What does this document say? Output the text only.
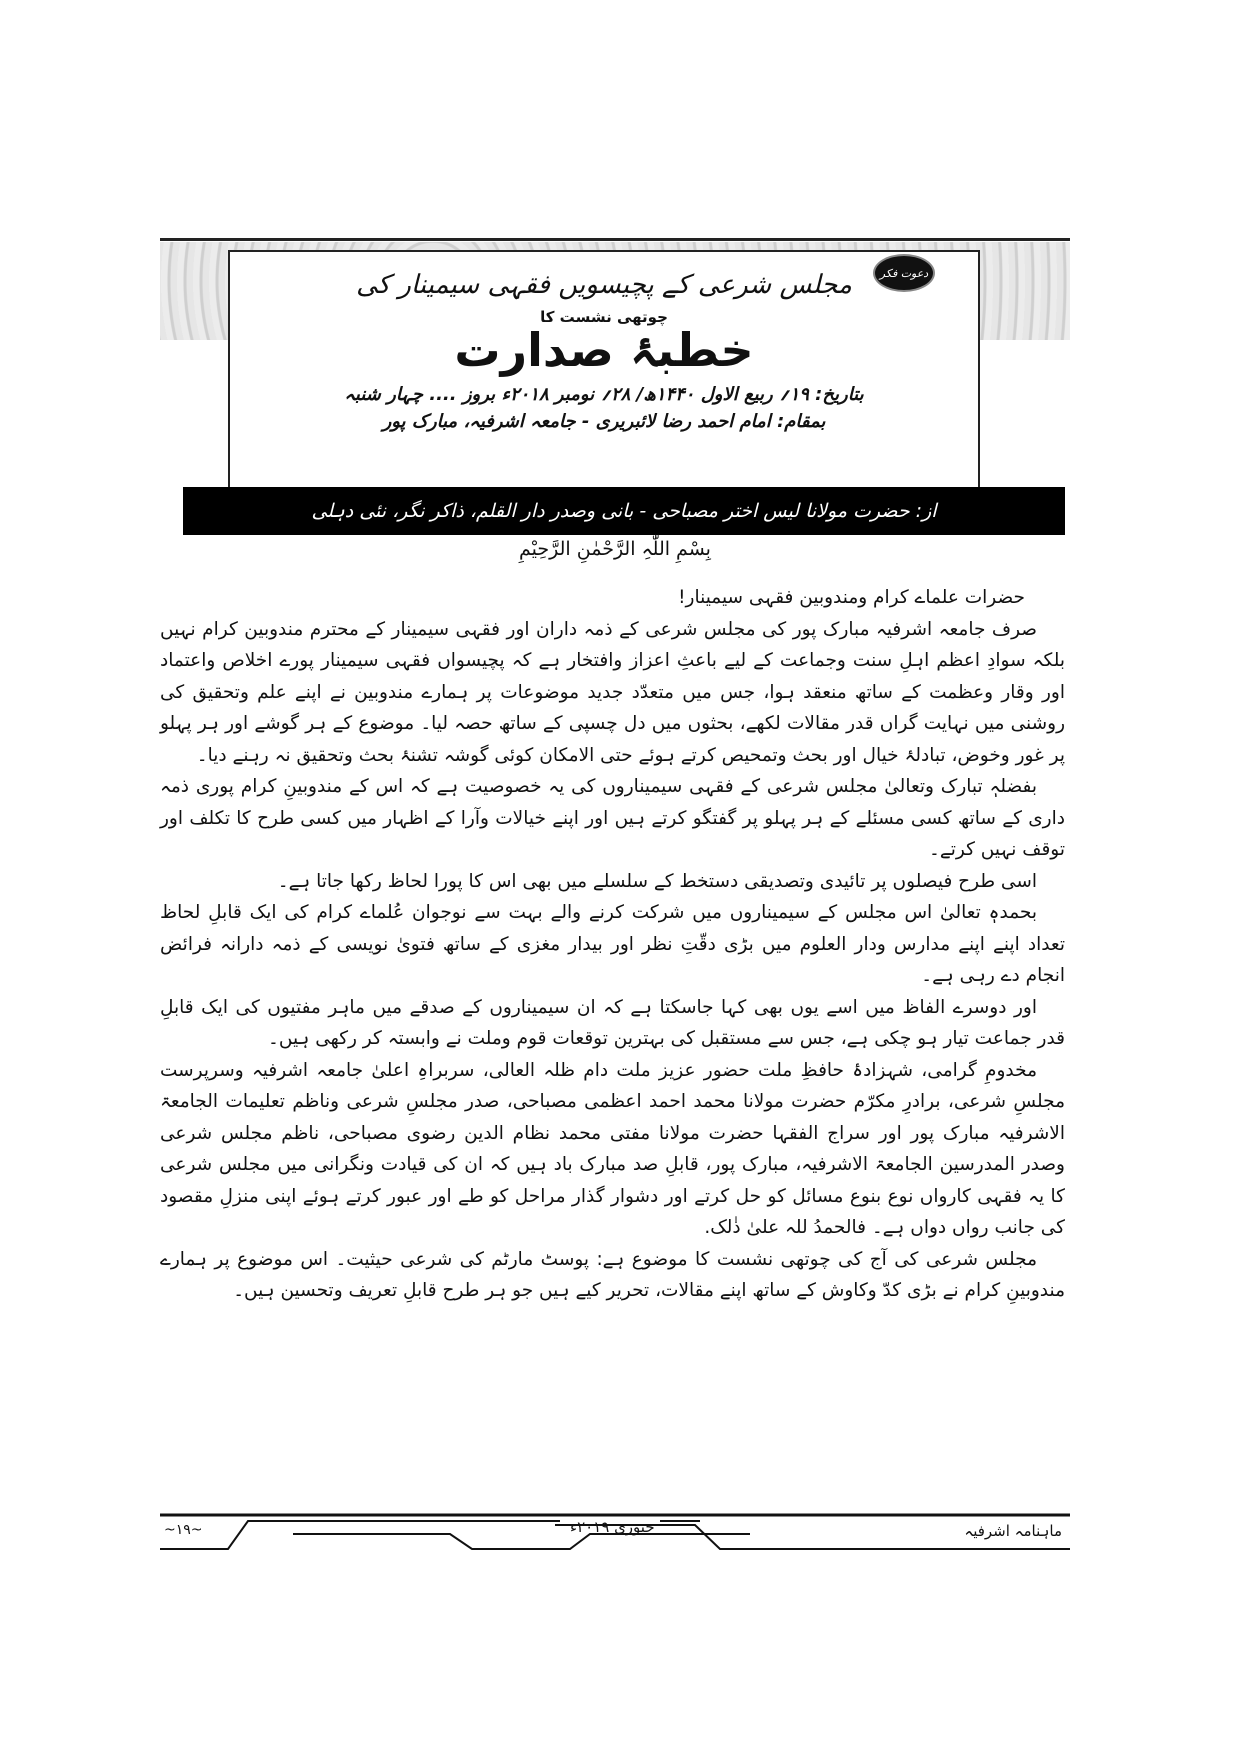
مجلس شرعی کے پچیسویں فقہی سیمینار کی
چوتھی نشست کا
خطبۂ صدارت
بتاریخ: ۱۹؍ ربیع الاول ۱۴۴۰ھ/ ۲۸؍ نومبر ۲۰۱۸ء بروز .... چہار شنبہ
بمقام: امام احمد رضا لائبریری - جامعہ اشرفیہ، مبارک پور
دعوت فکر
از: حضرت مولانا لیس اختر مصباحی - بانی وصدر دار القلم، ذاکر نگر، نئی دہلی
بِسْمِ اللّٰہِ الرَّحْمٰنِ الرَّحِیْمِ

حضرات علماے کرام ومندوبین فقہی سیمینار!

صرف جامعہ اشرفیہ مبارک پور کی مجلس شرعی کے ذمہ داران اور فقہی سیمینار کے محترم مندوبین کرام نہیں بلکہ سوادِ اعظم اہلِ سنت وجماعت کے لیے باعثِ اعزاز وافتخار ہے کہ پچیسواں فقہی سیمینار پورے اخلاص واعتماد اور وقار وعظمت کے ساتھ منعقد ہوا، جس میں متعدّد جدید موضوعات پر ہمارے مندوبین نے اپنے علم وتحقیق کی روشنی میں نہایت گراں قدر مقالات لکھے، بحثوں میں دل چسپی کے ساتھ حصہ لیا۔ موضوع کے ہر گوشے اور ہر پہلو پر غور وخوض، تبادلۂ خیال اور بحث وتمحیص کرتے ہوئے حتی الامکان کوئی گوشہ تشنۂ بحث وتحقیق نہ رہنے دیا۔

بفضلہٖ تبارک وتعالیٰ مجلس شرعی کے فقہی سیمیناروں کی یہ خصوصیت ہے کہ اس کے مندوبینِ کرام پوری ذمہ داری کے ساتھ کسی مسئلے کے ہر پہلو پر گفتگو کرتے ہیں اور اپنے خیالات وآرا کے اظہار میں کسی طرح کا تکلف اور توقف نہیں کرتے۔

اسی طرح فیصلوں پر تائیدی وتصدیقی دستخط کے سلسلے میں بھی اس کا پورا لحاظ رکھا جاتا ہے۔

بحمدہٖ تعالیٰ اس مجلس کے سیمیناروں میں شرکت کرنے والے بہت سے نوجوان عُلماے کرام کی ایک قابلِ لحاظ تعداد اپنے اپنے مدارس ودار العلوم میں بڑی دقّتِ نظر اور بیدار مغزی کے ساتھ فتویٰ نویسی کے ذمہ دارانہ فرائض انجام دے رہی ہے۔

اور دوسرے الفاظ میں اسے یوں بھی کہا جاسکتا ہے کہ ان سیمیناروں کے صدقے میں ماہر مفتیوں کی ایک قابلِ قدر جماعت تیار ہو چکی ہے، جس سے مستقبل کی بہترین توقعات قوم وملت نے وابستہ کر رکھی ہیں۔

مخدومِ گرامی، شہزادۂ حافظِ ملت حضور عزیز ملت دام ظلہ العالی، سربراہِ اعلیٰ جامعہ اشرفیہ وسرپرست مجلسِ شرعی، برادرِ مکرّم حضرت مولانا محمد احمد اعظمی مصباحی، صدر مجلسِ شرعی وناظم تعلیمات الجامعۃ الاشرفیہ مبارک پور اور سراج الفقہا حضرت مولانا مفتی محمد نظام الدین رضوی مصباحی، ناظم مجلس شرعی وصدر المدرسین الجامعۃ الاشرفیہ، مبارک پور، قابلِ صد مبارک باد ہیں کہ ان کی قیادت ونگرانی میں مجلس شرعی کا یہ فقہی کارواں نوع بنوع مسائل کو حل کرتے اور دشوار گذار مراحل کو طے اور عبور کرتے ہوئے اپنی منزلِ مقصود کی جانب رواں دواں ہے۔ فالحمدُ للہ علیٰ ذٰلک.

مجلس شرعی کی آج کی چوتھی نشست کا موضوع ہے: پوسٹ مارٹم کی شرعی حیثیت۔ اس موضوع پر ہمارے مندوبینِ کرام نے بڑی کدّ وکاوش کے ساتھ اپنے مقالات، تحریر کیے ہیں جو ہر طرح قابلِ تعریف وتحسین ہیں۔

ماہنامہ اشرفیہ
جنوری ۲۰۱۹ء
~۱۹~
